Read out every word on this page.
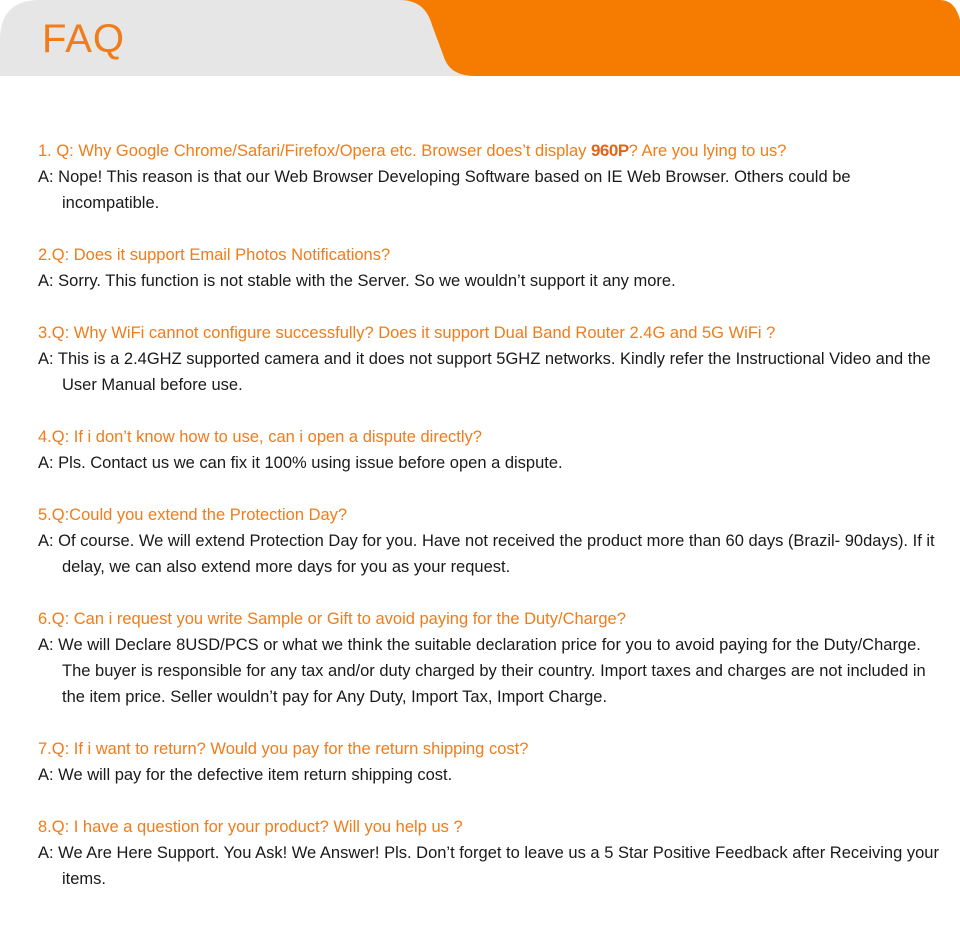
FAQ
1. Q: Why Google Chrome/Safari/Firefox/Opera etc. Browser does’t display 960P? Are you lying to us?
A: Nope! This reason is that our Web Browser Developing Software based on IE Web Browser. Others could be incompatible.
2.Q: Does it support Email Photos Notifications?
A: Sorry. This function is not stable with the Server. So we wouldn’t support it any more.
3.Q: Why WiFi cannot configure successfully? Does it support Dual Band Router 2.4G and 5G WiFi ?
A: This is a 2.4GHZ supported camera and it does not support 5GHZ networks. Kindly refer the Instructional Video and the User Manual before use.
4.Q: If i don’t know how to use, can i open a dispute directly?
A: Pls. Contact us we can fix it 100% using issue before open a dispute.
5.Q:Could you extend the Protection Day?
A: Of course. We will extend Protection Day for you. Have not received the product more than 60 days (Brazil- 90days). If it delay, we can also extend more days for you as your request.
6.Q: Can i request you write Sample or Gift to avoid paying for the Duty/Charge?
A: We will Declare 8USD/PCS or what we think the suitable declaration price for you to avoid paying for the Duty/Charge. The buyer is responsible for any tax and/or duty charged by their country. Import taxes and charges are not included in the item price. Seller wouldn’t pay for Any Duty, Import Tax, Import Charge.
7.Q: If i want to return? Would you pay for the return shipping cost?
A: We will pay for the defective item return shipping cost.
8.Q: I have a question for your product? Will you help us ?
A: We Are Here Support. You Ask! We Answer! Pls. Don’t forget to leave us a 5 Star Positive Feedback after Receiving your items.
